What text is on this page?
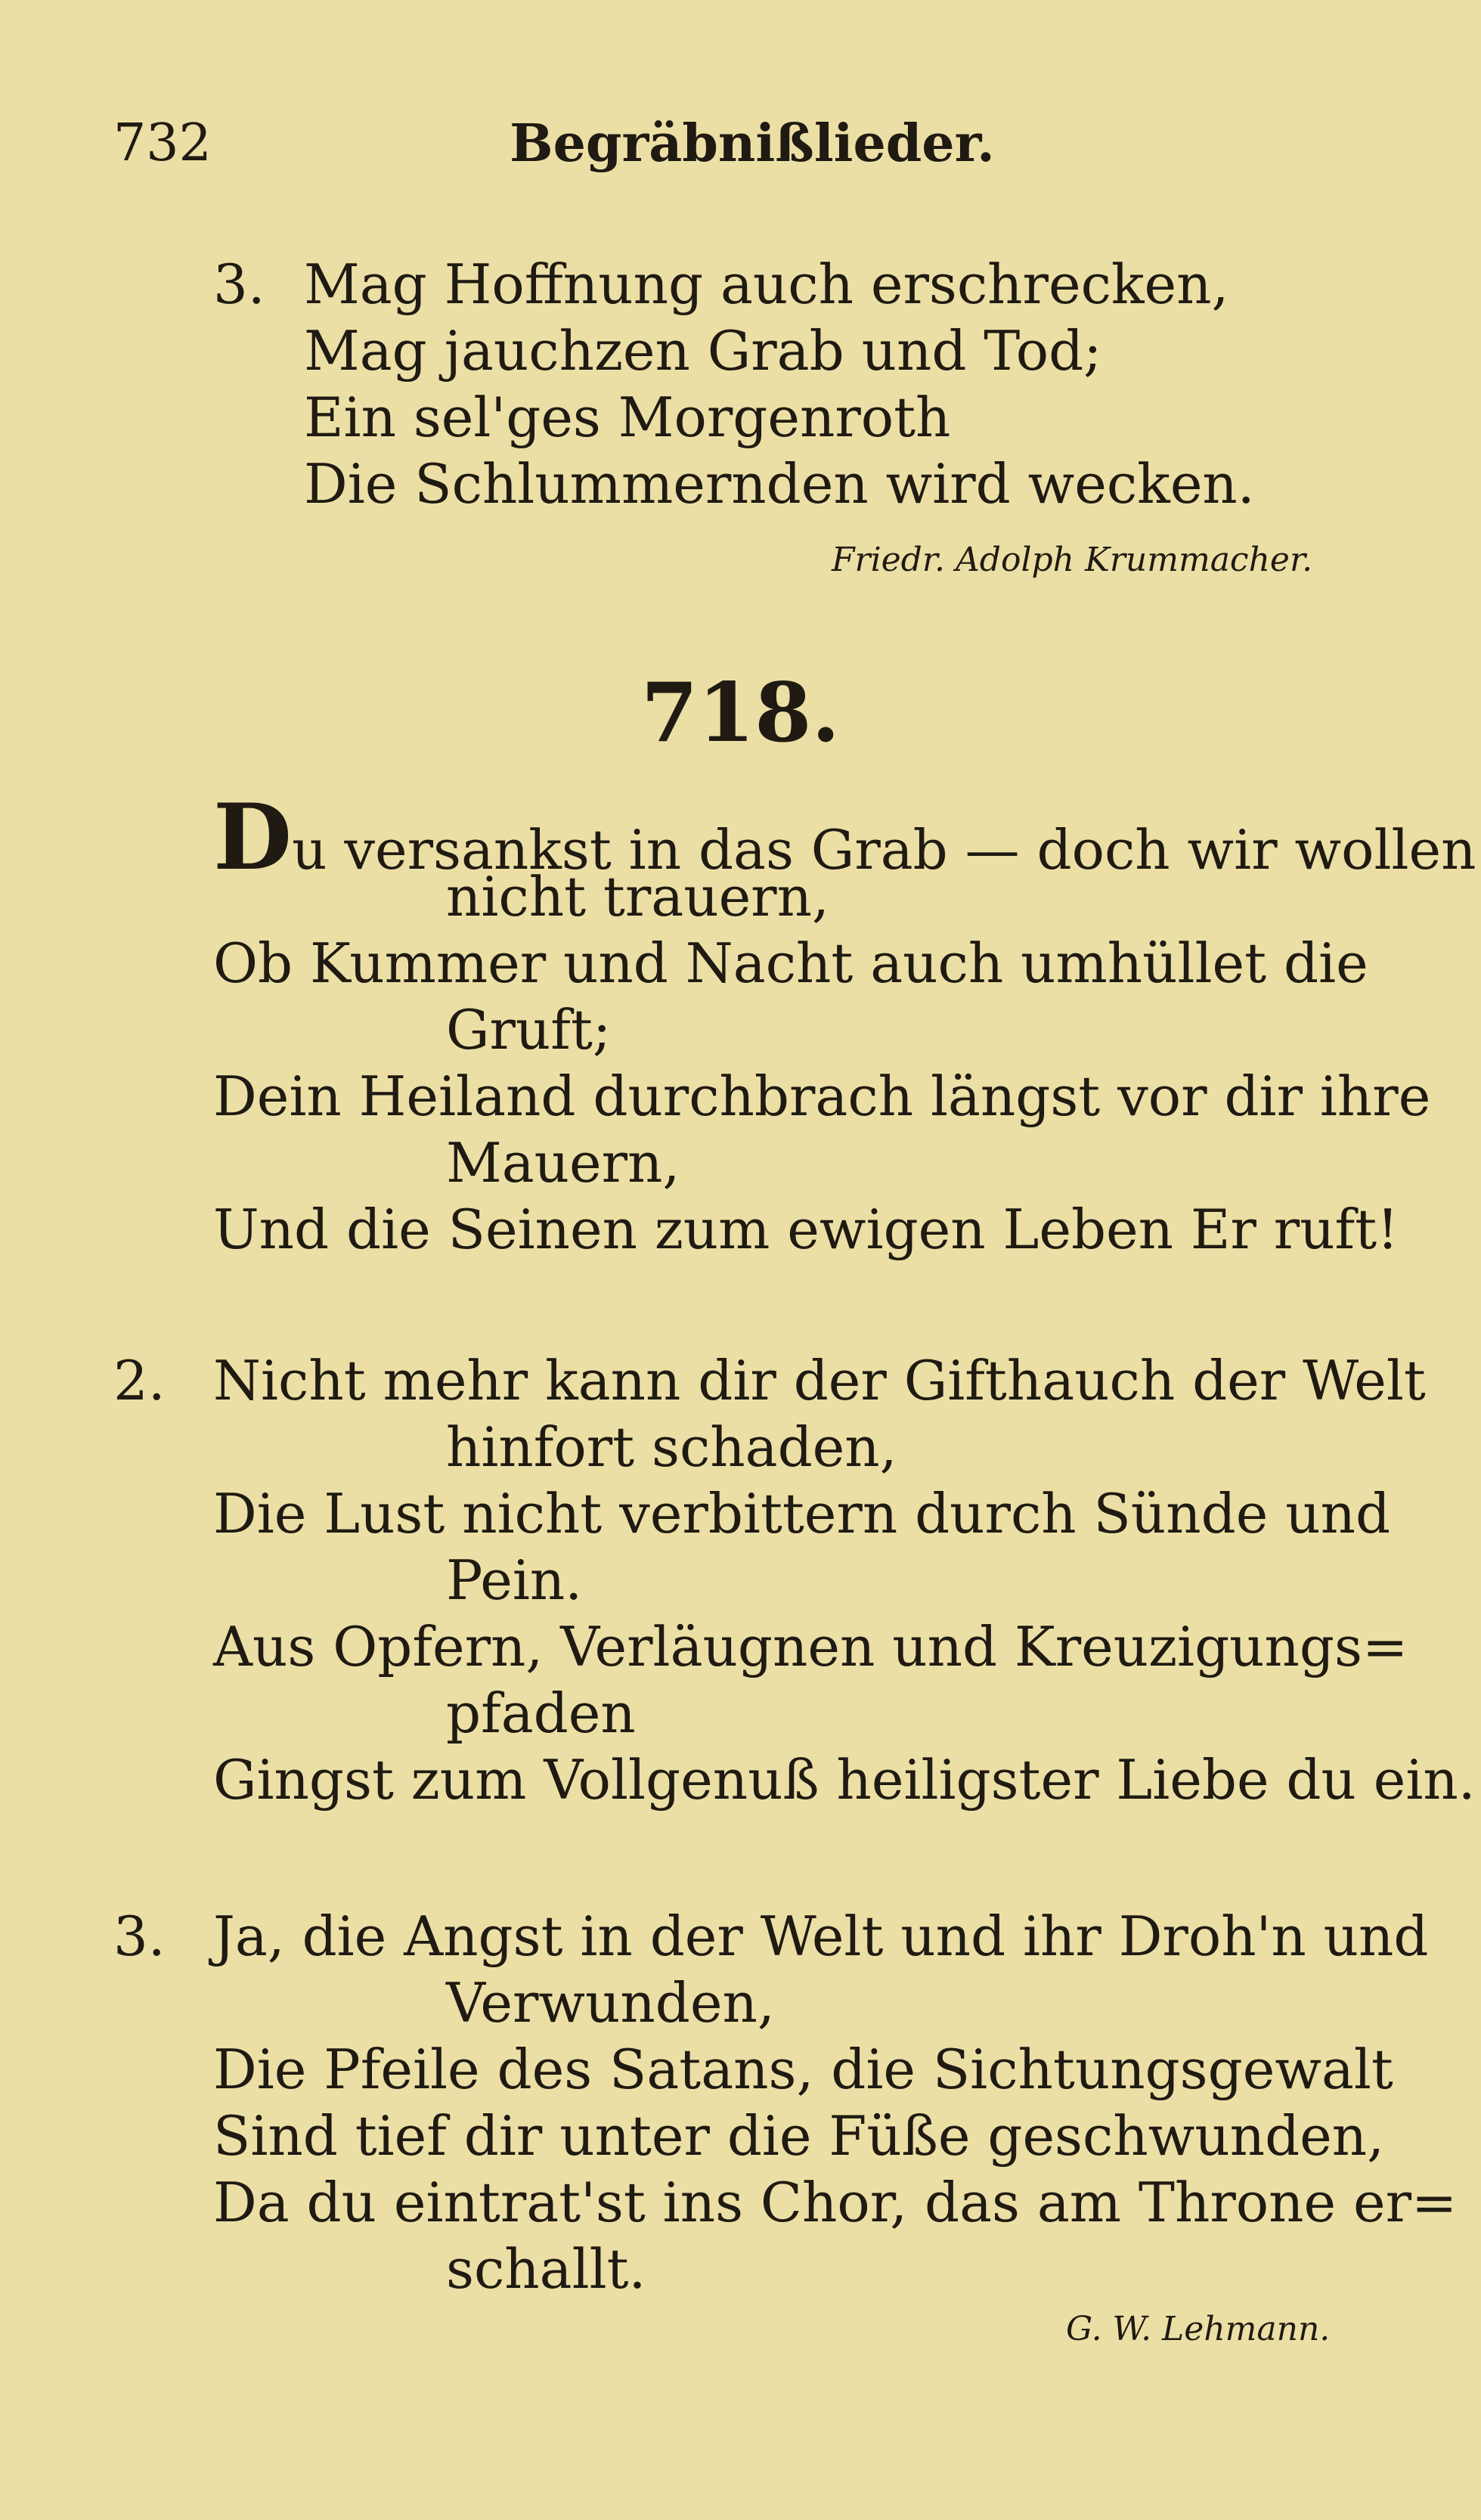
732	Begräbnißlieder.
3. Mag Hoffnung auch erschrecken,
Mag jauchzen Grab und Tod;
Ein sel'ges Morgenroth
Die Schlummernden wird wecken.
Friedr. Adolph Krummacher.
718.
Du versankst in das Grab — doch wir wollen
nicht trauern,
Ob Kummer und Nacht auch umhüllet die
Gruft;
Dein Heiland durchbrach längst vor dir ihre
Mauern,
Und die Seinen zum ewigen Leben Er ruft!
2. Nicht mehr kann dir der Gifthauch der Welt
hinfort schaden,
Die Lust nicht verbittern durch Sünde und
Pein.
Aus Opfern, Verläugnen und Kreuzigungs=
pfaden
Gingst zum Vollgenuß heiligster Liebe du ein.
3. Ja, die Angst in der Welt und ihr Droh'n und
Verwunden,
Die Pfeile des Satans, die Sichtungsgewalt
Sind tief dir unter die Füße geschwunden,
Da du eintrat'st ins Chor, das am Throne er=
schallt.
G. W. Lehmann.
